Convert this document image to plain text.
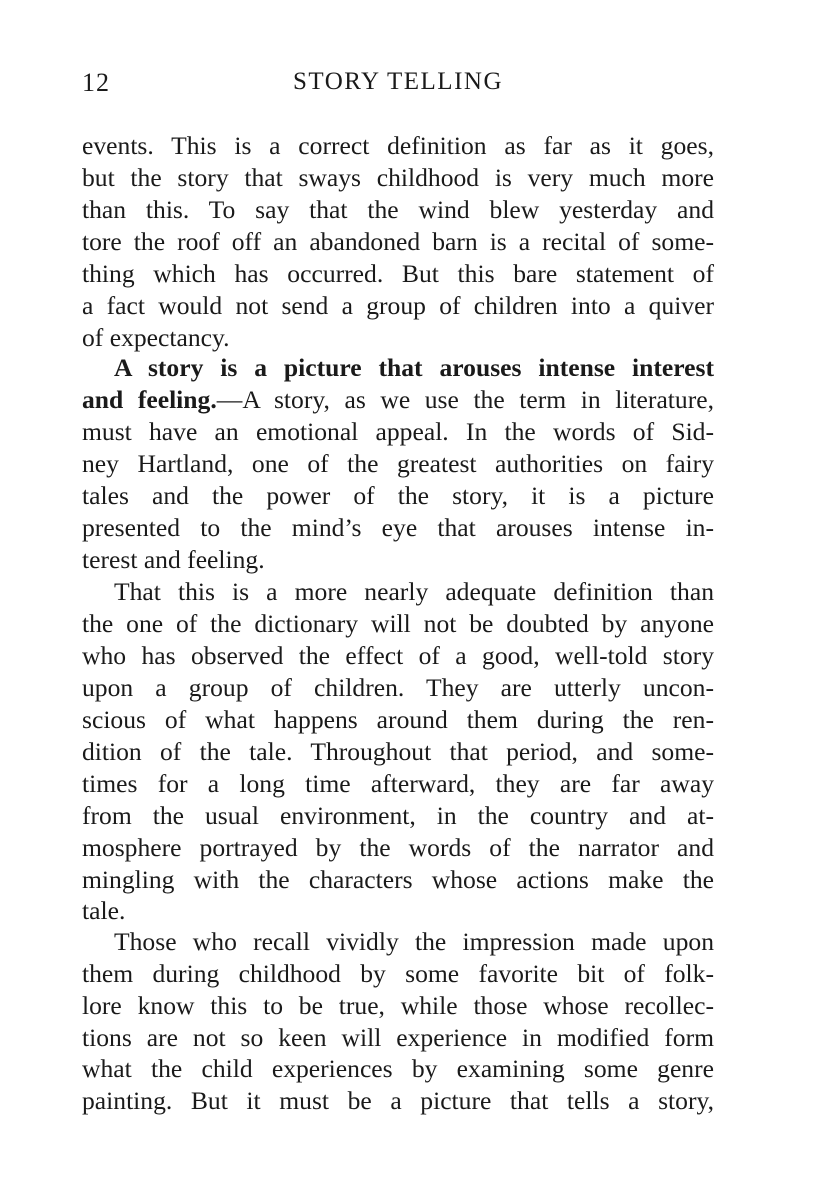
12	STORY TELLING
events. This is a correct definition as far as it goes,
but the story that sways childhood is very much more
than this. To say that the wind blew yesterday and
tore the roof off an abandoned barn is a recital of some-
thing which has occurred. But this bare statement of
a fact would not send a group of children into a quiver
of expectancy.
A story is a picture that arouses intense interest
and feeling.—A story, as we use the term in literature,
must have an emotional appeal. In the words of Sid-
ney Hartland, one of the greatest authorities on fairy
tales and the power of the story, it is a picture
presented to the mind’s eye that arouses intense in-
terest and feeling.
That this is a more nearly adequate definition than
the one of the dictionary will not be doubted by anyone
who has observed the effect of a good, well-told story
upon a group of children. They are utterly uncon-
scious of what happens around them during the ren-
dition of the tale. Throughout that period, and some-
times for a long time afterward, they are far away
from the usual environment, in the country and at-
mosphere portrayed by the words of the narrator and
mingling with the characters whose actions make the
tale.
Those who recall vividly the impression made upon
them during childhood by some favorite bit of folk-
lore know this to be true, while those whose recollec-
tions are not so keen will experience in modified form
what the child experiences by examining some genre
painting. But it must be a picture that tells a story,
